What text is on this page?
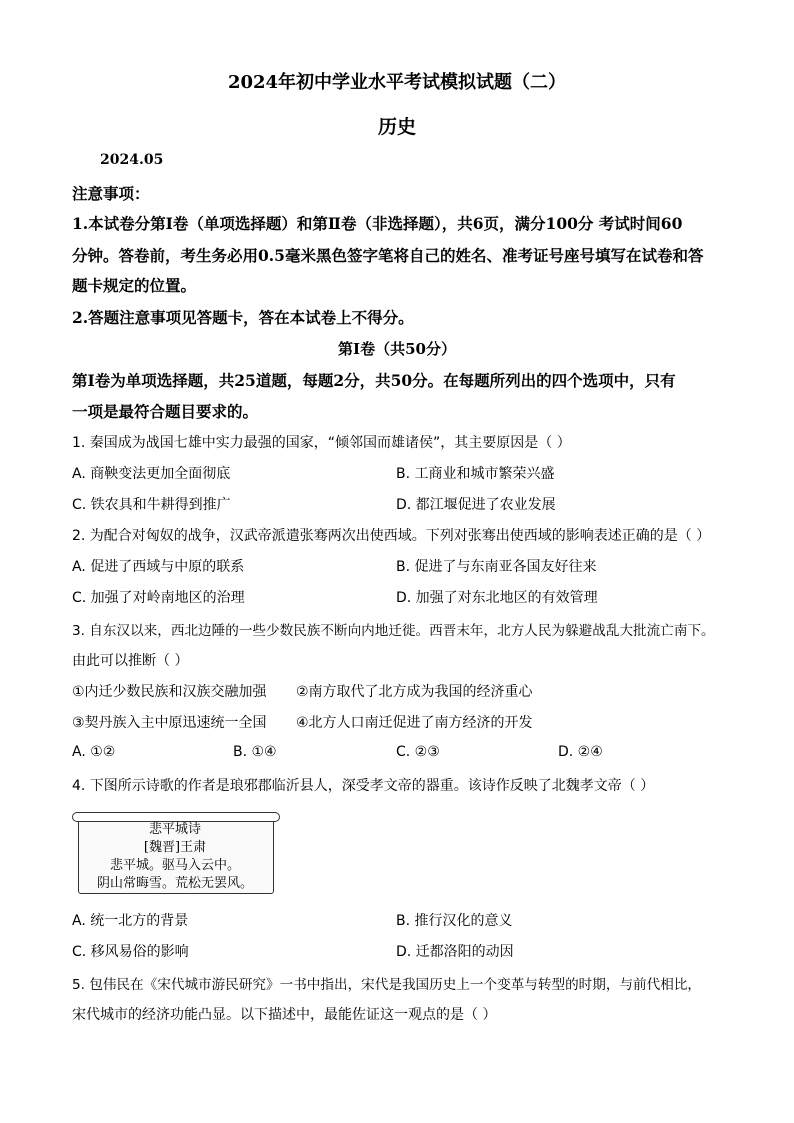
2024年初中学业水平考试模拟试题（二）
历史
2024.05
注意事项：
1.本试卷分第Ⅰ卷（单项选择题）和第Ⅱ卷（非选择题），共6页，满分100分 考试时间60
分钟。答卷前，考生务必用0.5毫米黑色签字笔将自己的姓名、准考证号座号填写在试卷和答
题卡规定的位置。
2.答题注意事项见答题卡，答在本试卷上不得分。
第Ⅰ卷（共50分）
第Ⅰ卷为单项选择题，共25道题，每题2分，共50分。在每题所列出的四个选项中，只有
一项是最符合题目要求的。
1. 秦国成为战国七雄中实力最强的国家，“倾邻国而雄诸侯”，其主要原因是（ ）
A. 商鞅变法更加全面彻底	B. 工商业和城市繁荣兴盛
C. 铁农具和牛耕得到推广	D. 都江堰促进了农业发展
2. 为配合对匈奴的战争，汉武帝派遣张骞两次出使西域。下列对张骞出使西域的影响表述正确的是（ ）
A. 促进了西域与中原的联系	B. 促进了与东南亚各国友好往来
C. 加强了对岭南地区的治理	D. 加强了对东北地区的有效管理
3. 自东汉以来，西北边陲的一些少数民族不断向内地迁徙。西晋末年，北方人民为躲避战乱大批流亡南下。
由此可以推断（ ）
①内迁少数民族和汉族交融加强 ②南方取代了北方成为我国的经济重心
③契丹族入主中原迅速统一全国 ④北方人口南迁促进了南方经济的开发
A. ①②	B. ①④	C. ②③	D. ②④
4. 下图所示诗歌的作者是琅邪郡临沂县人，深受孝文帝的器重。该诗作反映了北魏孝文帝（ ）
悲平城诗
[魏晋]王肃
悲平城。驱马入云中。
阴山常晦雪。荒松无罢风。
A. 统一北方的背景	B. 推行汉化的意义
C. 移风易俗的影响	D. 迁都洛阳的动因
5. 包伟民在《宋代城市游民研究》一书中指出，宋代是我国历史上一个变革与转型的时期，与前代相比，
宋代城市的经济功能凸显。以下描述中，最能佐证这一观点的是（ ）
